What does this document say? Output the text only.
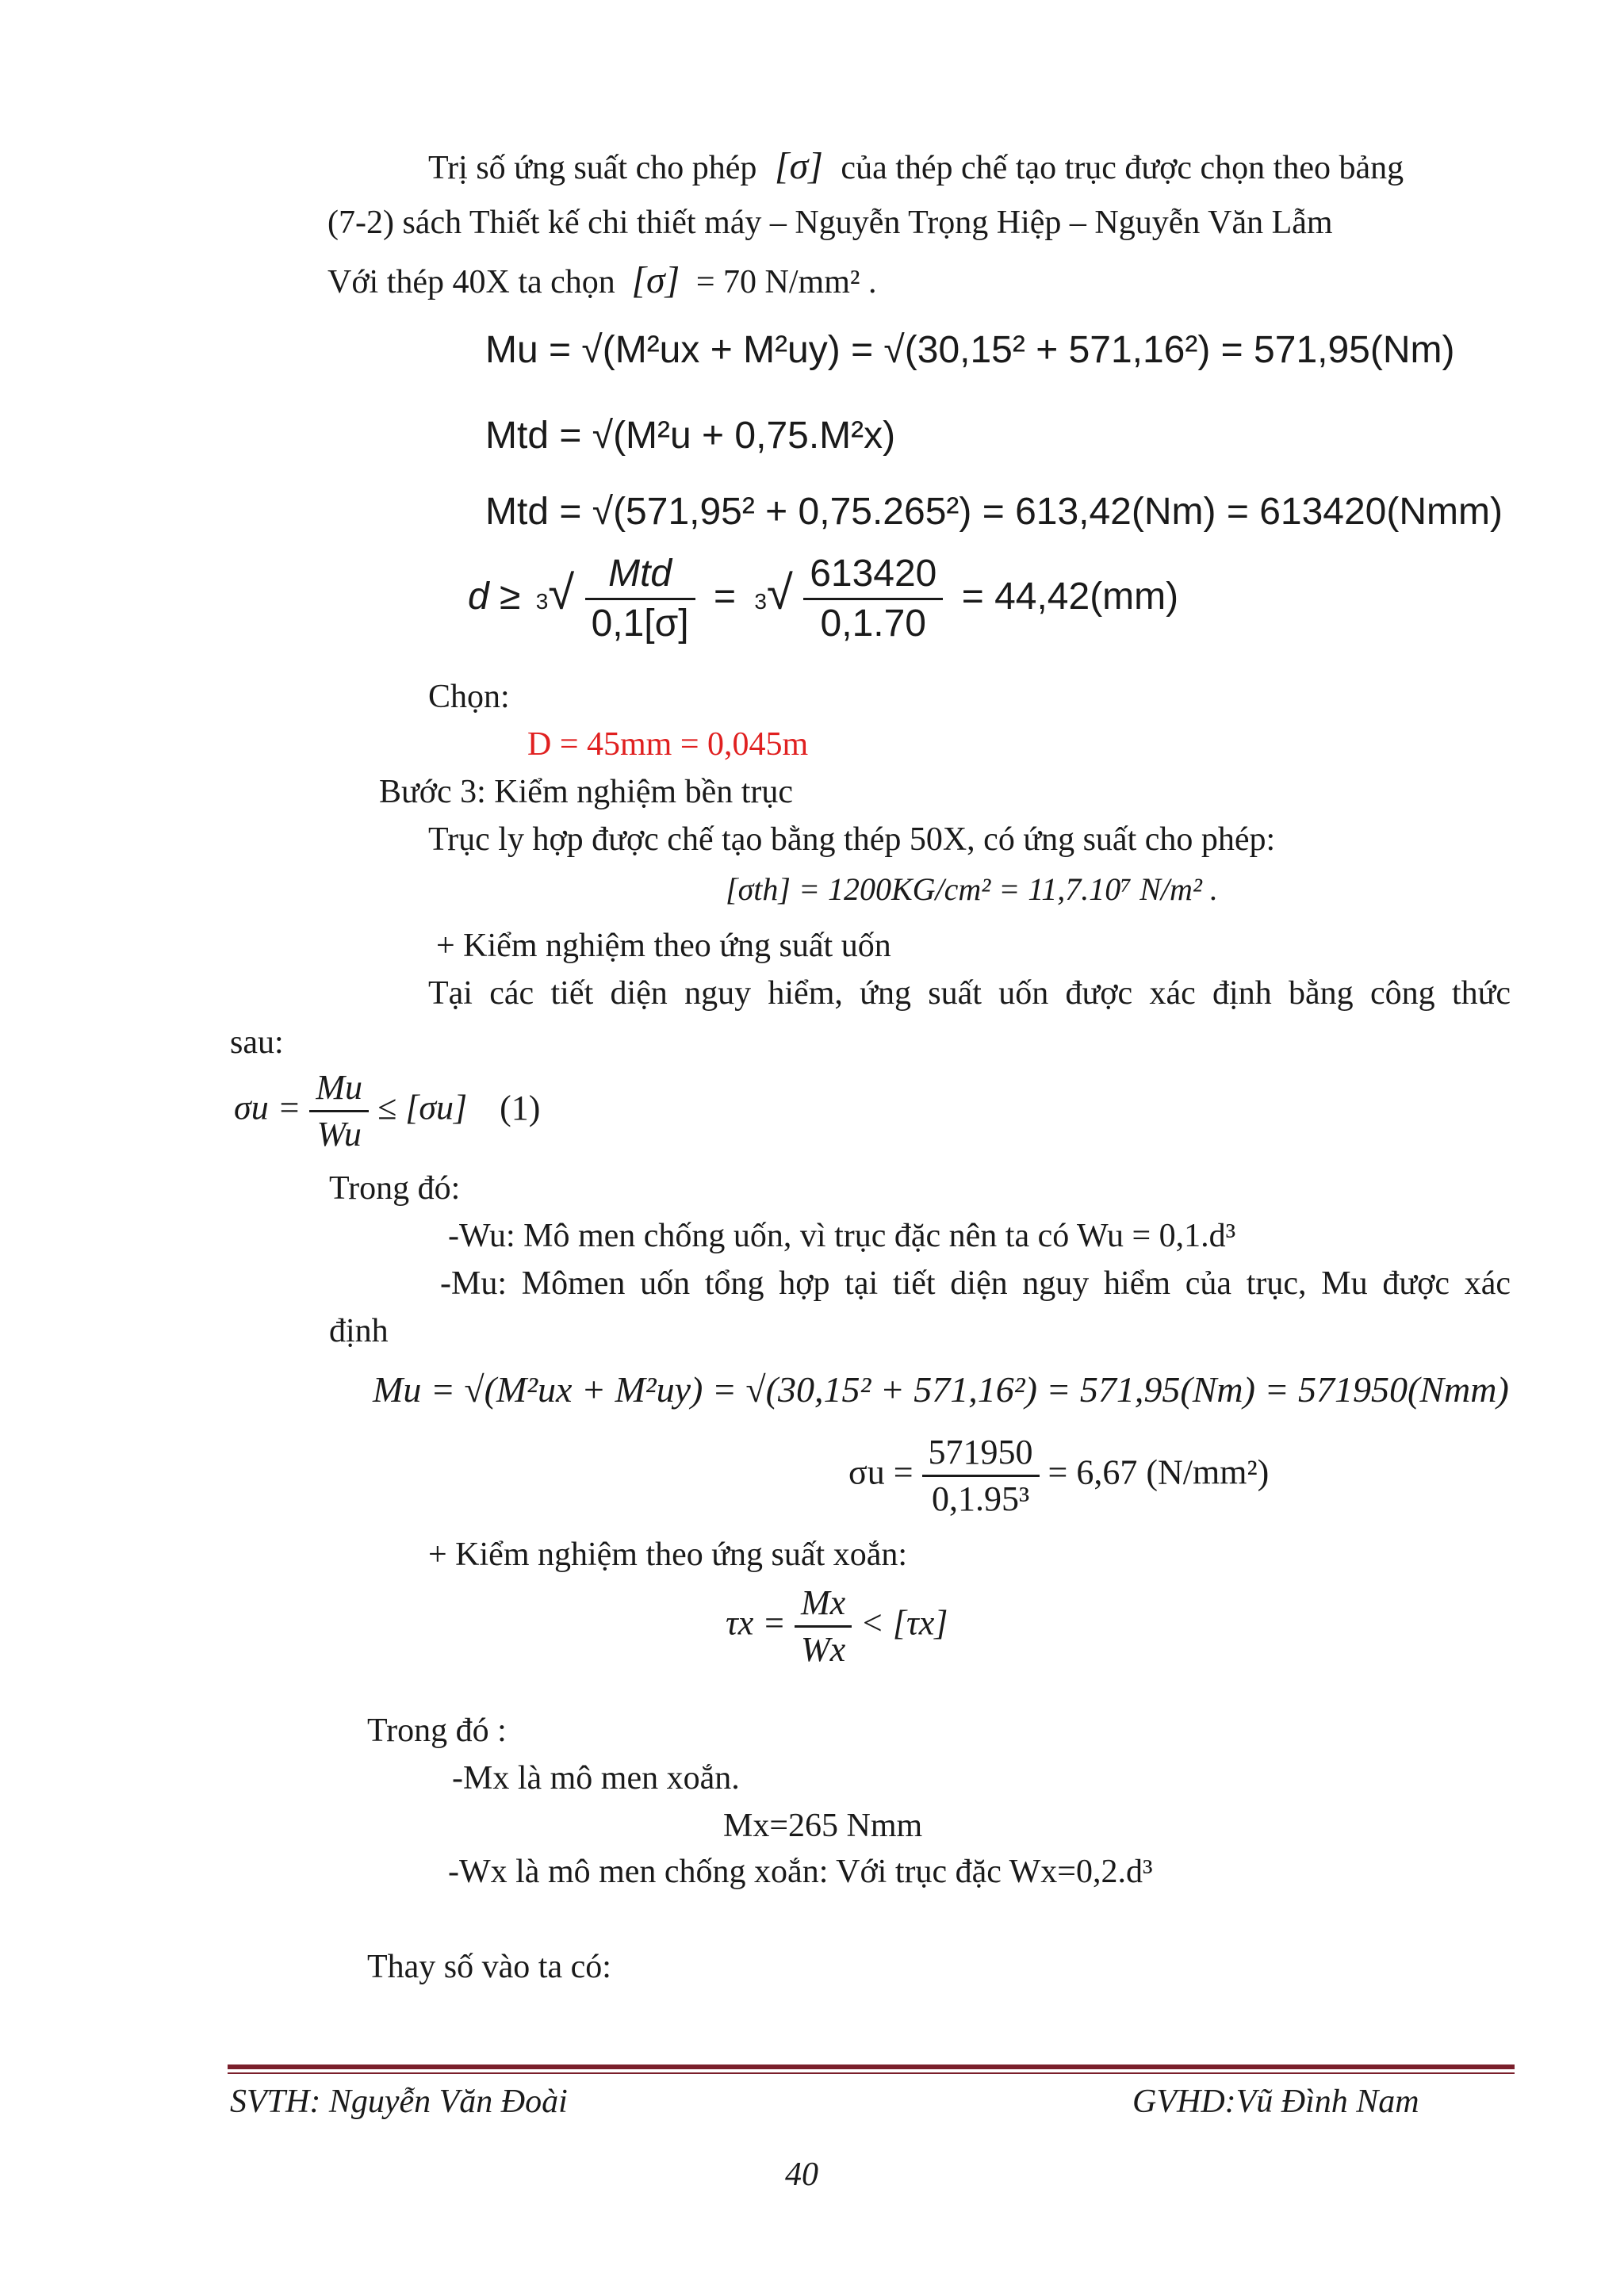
Trị số ứng suất cho phép [σ] của thép chế tạo trục được chọn theo bảng
(7-2) sách Thiết kế chi thiết máy – Nguyễn Trọng Hiệp – Nguyễn Văn Lẫm
Với thép 40X ta chọn [σ] = 70 N/mm² .
Mu = √(M²ux + M²uy) = √(30,15² + 571,16²) = 571,95(Nm)
Mtd = √(M²u + 0,75.M²x)
Mtd = √(571,95² + 0,75.265²) = 613,42(Nm) = 613420(Nmm)
$d \ge 3√ \frac{\text{Mtd}}{0,1[\sigma]} = 3√ \frac{613420}{0,1.70} = 44,42(mm)$
Chọn:
D = 45mm = 0,045m
Bước 3: Kiểm nghiệm bền trục
Trục ly hợp được chế tạo bằng thép 50X, có ứng suất cho phép:
[σth] = 1200KG/cm² = 11,7.10⁷ N/m² .
+ Kiểm nghiệm theo ứng suất uốn
Tại các tiết diện nguy hiểm, ứng suất uốn được xác định bằng công thức
sau:
$\sigma u = \frac{Mu}{Wu} \le [\sigma u]$ (1)
Trong đó:
-Wu: Mô men chống uốn, vì trục đặc nên ta có Wu = 0,1.d³
-Mu: Mômen uốn tổng hợp tại tiết diện nguy hiểm của trục, Mu được xác
định
Mu = √(M²ux + M²uy) = √(30,15² + 571,16²) = 571,95(Nm) = 571950(Nmm)
$\sigma u = \frac{571950}{\text{0,1.95³}} = 6,67$ (N/mm²)
+ Kiểm nghiệm theo ứng suất xoắn:
$\tau x = \frac{Mx}{Wx} < [\tau x]$
Trong đó :
-Mx là mô men xoắn.
Mx=265 Nmm
-Wx là mô men chống xoắn: Với trục đặc Wx=0,2.d³
Thay số vào ta có:
SVTH: Nguyễn Văn Đoài	GVHD:Vũ Đình Nam
40
